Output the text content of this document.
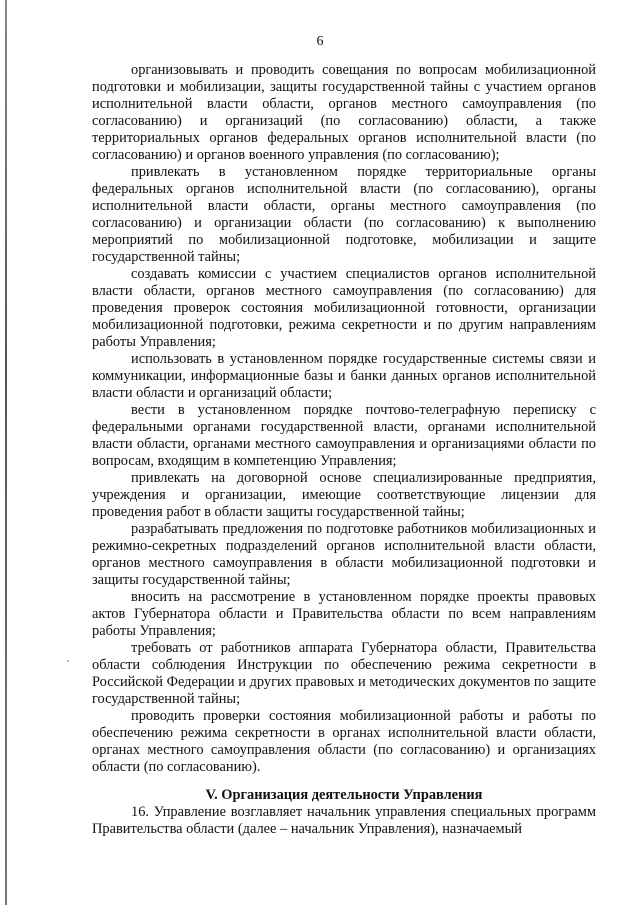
6

организовывать и проводить совещания по вопросам мобилизационной подготовки и мобилизации, защиты государственной тайны с участием органов исполнительной власти области, органов местного самоуправления (по согласованию) и организаций (по согласованию) области, а также территориальных органов федеральных органов исполнительной власти (по согласованию) и органов военного управления (по согласованию);

привлекать в установленном порядке территориальные органы федеральных органов исполнительной власти (по согласованию), органы исполнительной власти области, органы местного самоуправления (по согласованию) и организации области (по согласованию) к выполнению мероприятий по мобилизационной подготовке, мобилизации и защите государственной тайны;

создавать комиссии с участием специалистов органов исполнительной власти области, органов местного самоуправления (по согласованию) для проведения проверок состояния мобилизационной готовности, организации мобилизационной подготовки, режима секретности и по другим направлениям работы Управления;

использовать в установленном порядке государственные системы связи и коммуникации, информационные базы и банки данных органов исполнительной власти области и организаций области;

вести в установленном порядке почтово-телеграфную переписку с федеральными органами государственной власти, органами исполнительной власти области, органами местного самоуправления и организациями области по вопросам, входящим в компетенцию Управления;

привлекать на договорной основе специализированные предприятия, учреждения и организации, имеющие соответствующие лицензии для проведения работ в области защиты государственной тайны;

разрабатывать предложения по подготовке работников мобилизационных и режимно-секретных подразделений органов исполнительной власти области, органов местного самоуправления в области мобилизационной подготовки и защиты государственной тайны;

вносить на рассмотрение в установленном порядке проекты правовых актов Губернатора области и Правительства области по всем направлениям работы Управления;

требовать от работников аппарата Губернатора области, Правительства области соблюдения Инструкции по обеспечению режима секретности в Российской Федерации и других правовых и методических документов по защите государственной тайны;

проводить проверки состояния мобилизационной работы и работы по обеспечению режима секретности в органах исполнительной власти области, органах местного самоуправления области (по согласованию) и организациях области (по согласованию).

V. Организация деятельности Управления

16. Управление возглавляет начальник управления специальных программ Правительства области (далее – начальник Управления), назначаемый
